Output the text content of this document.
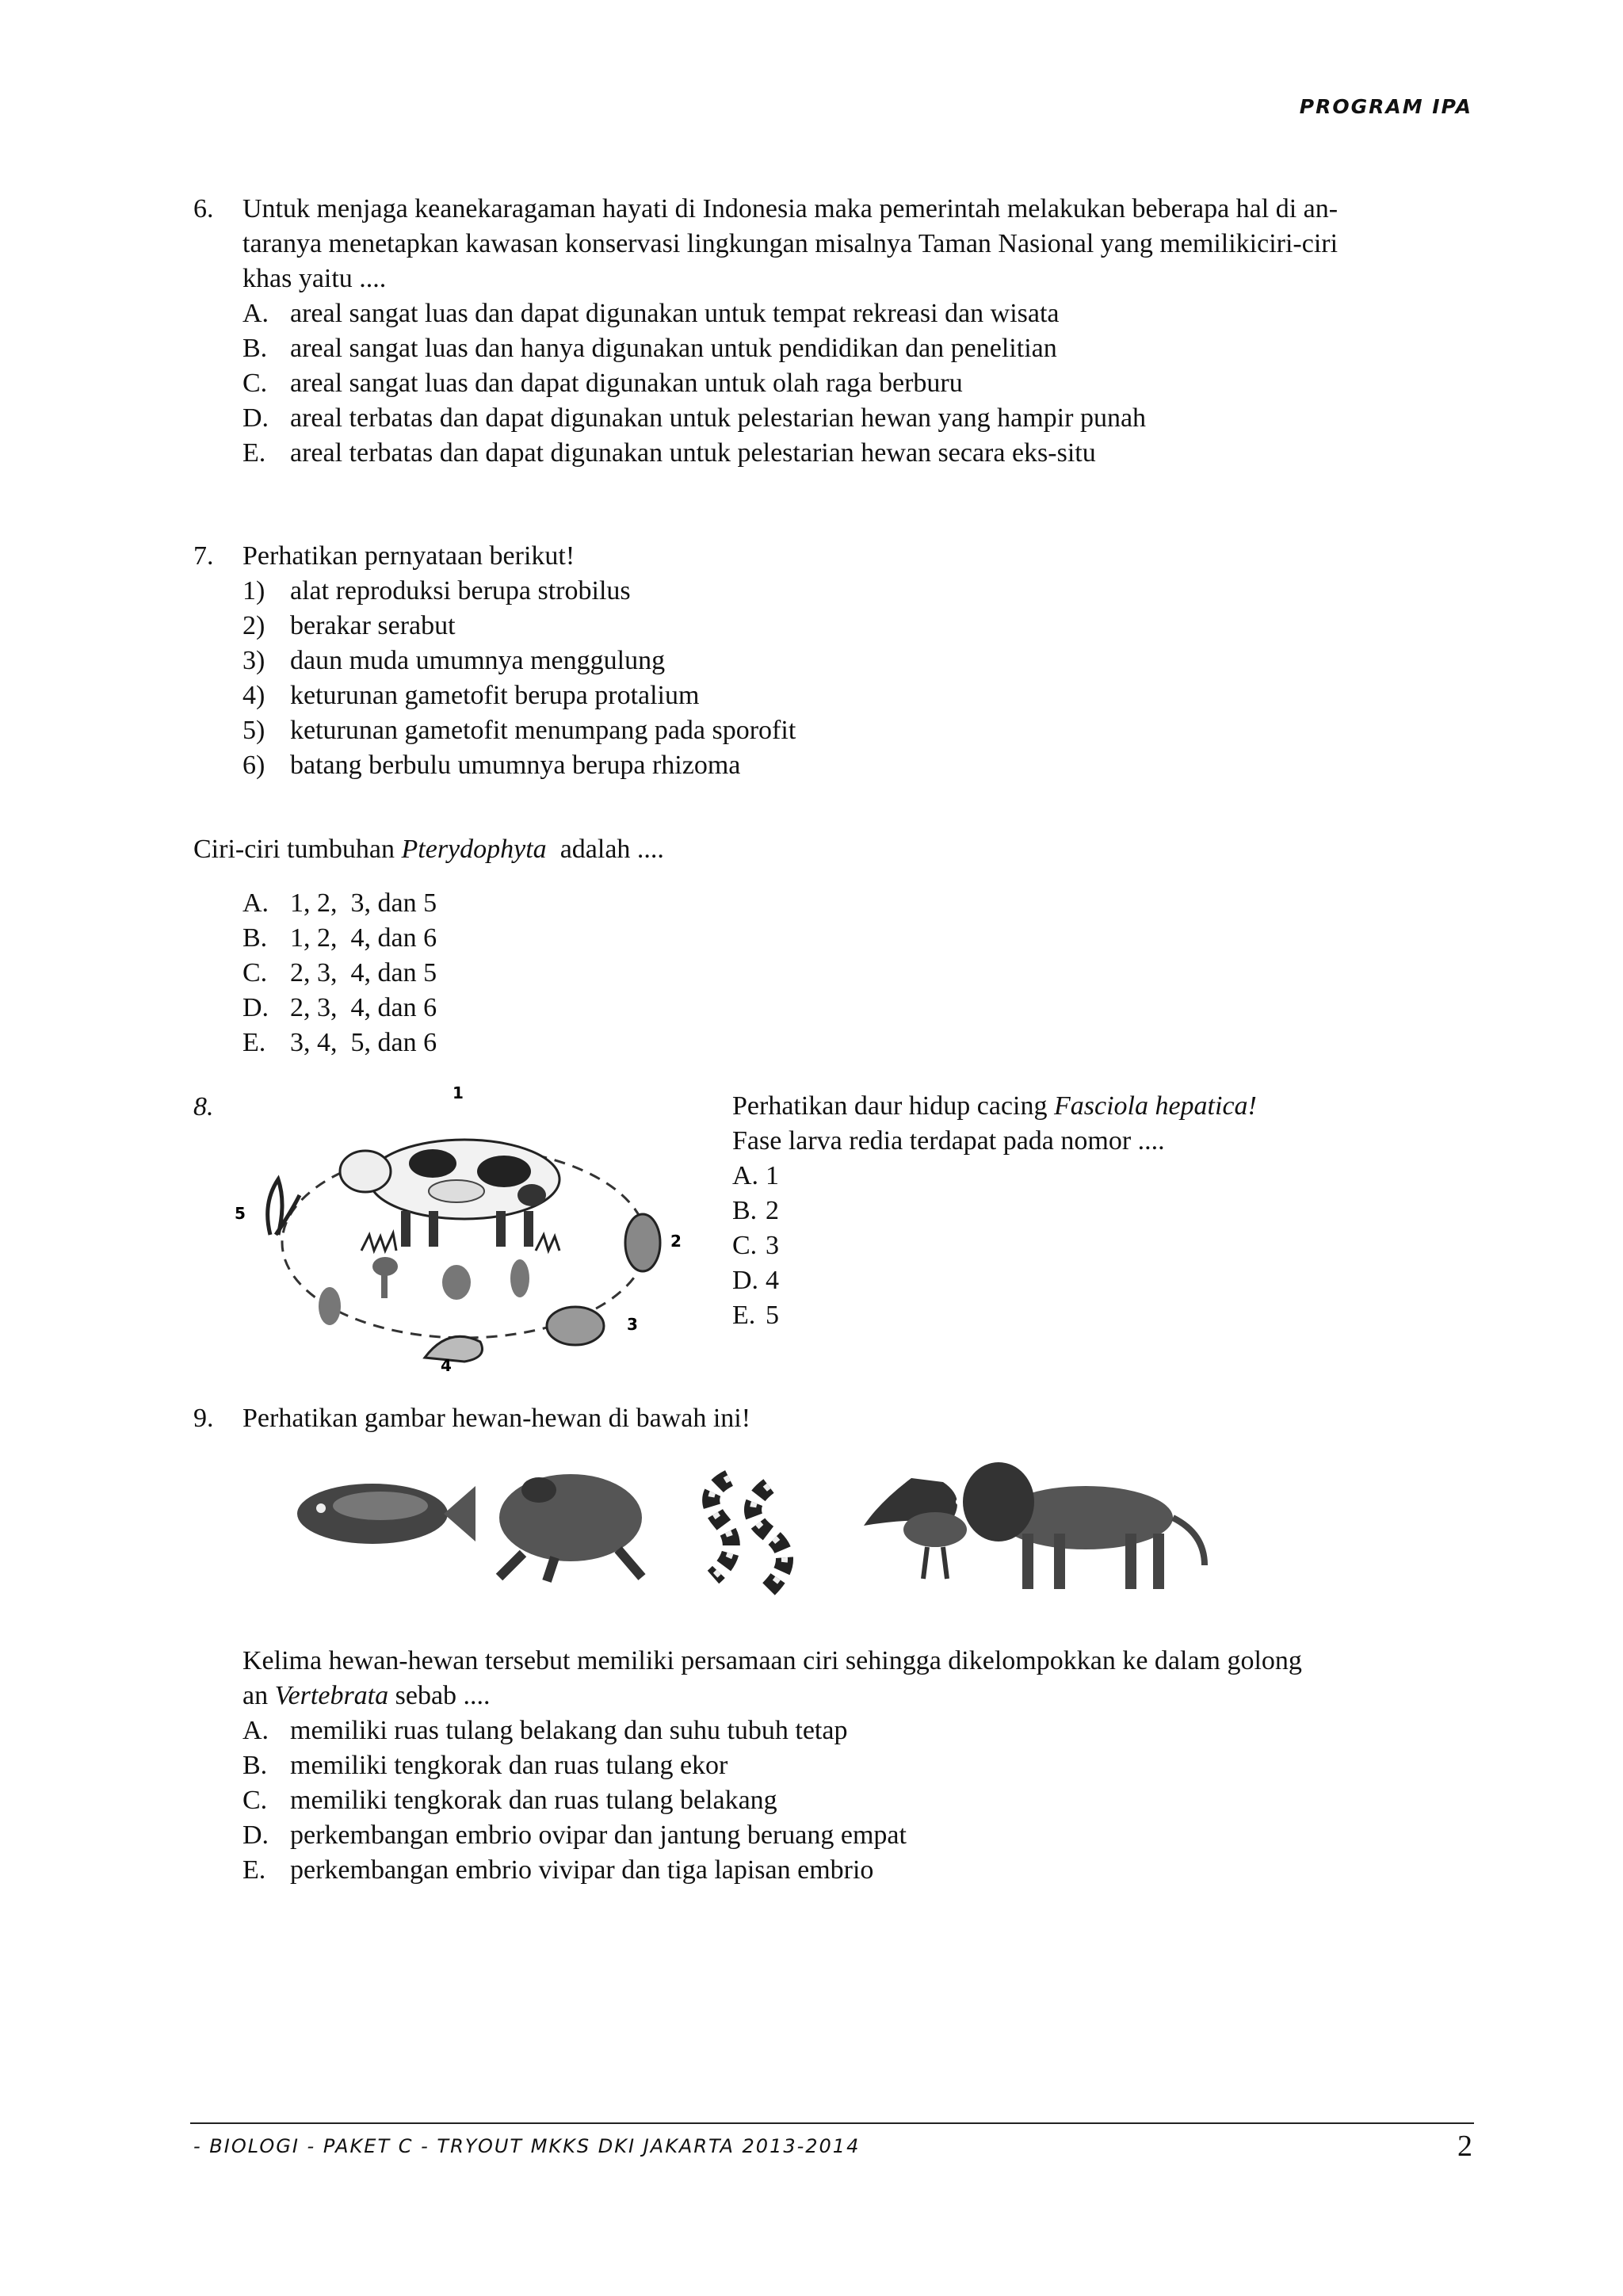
PROGRAM IPA
6. Untuk menjaga keanekaragaman hayati di Indonesia maka pemerintah melakukan beberapa hal di an-
taranya menetapkan kawasan konservasi lingkungan misalnya Taman Nasional yang memilikiciri-ciri
khas yaitu ....
A. areal sangat luas dan dapat digunakan untuk tempat rekreasi dan wisata
B. areal sangat luas dan hanya digunakan untuk pendidikan dan penelitian
C. areal sangat luas dan dapat digunakan untuk olah raga berburu
D. areal terbatas dan dapat digunakan untuk pelestarian hewan yang hampir punah
E. areal terbatas dan dapat digunakan untuk pelestarian hewan secara eks-situ
7. Perhatikan pernyataan berikut!
1) alat reproduksi berupa strobilus
2) berakar serabut
3) daun muda umumnya menggulung
4) keturunan gametofit berupa protalium
5) keturunan gametofit menumpang pada sporofit
6) batang berbulu umumnya berupa rhizoma
Ciri-ciri tumbuhan Pterydophyta  adalah ....
A. 1, 2,  3, dan 5
B. 1, 2,  4, dan 6
C. 2, 3,  4, dan 5
D. 2, 3,  4, dan 6
E. 3, 4,  5, dan 6
8.	1
2
3
4
5
Perhatikan daur hidup cacing Fasciola hepatica!
Fase larva redia terdapat pada nomor ....
A. 1
B. 2
C. 3
D. 4
E. 5
9. Perhatikan gambar hewan-hewan di bawah ini!
Kelima hewan-hewan tersebut memiliki persamaan ciri sehingga dikelompokkan ke dalam golong
an Vertebrata sebab ....
A. memiliki ruas tulang belakang dan suhu tubuh tetap
B. memiliki tengkorak dan ruas tulang ekor
C. memiliki tengkorak dan ruas tulang belakang
D. perkembangan embrio ovipar dan jantung beruang empat
E. perkembangan embrio vivipar dan tiga lapisan embrio
- BIOLOGI - PAKET C - TRYOUT MKKS DKI JAKARTA 2013-2014	2
